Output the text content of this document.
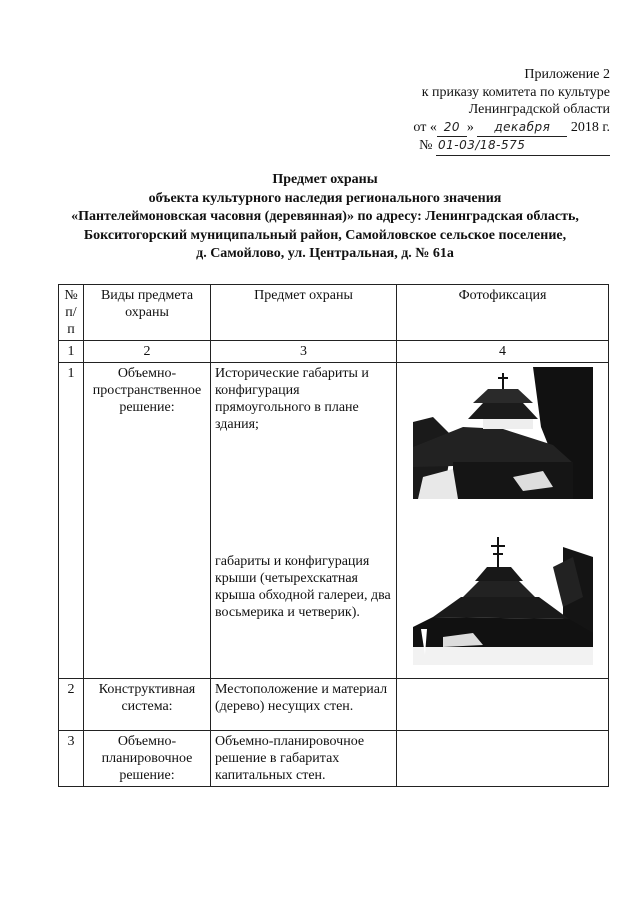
Приложение 2
к приказу комитета по культуре
Ленинградской области
от « 20 » декабря 2018 г.
№ 01-03/18-575
Предмет охраны
объекта культурного наследия регионального значения
«Пантелеймоновская часовня (деревянная)» по адресу: Ленинградская область,
Бокситогорский муниципальный район, Самойловское сельское поселение,
д. Самойлово, ул. Центральная, д. № 61а
№ п/п	Виды предмета охраны	Предмет охраны	Фотофиксация
1	2	3	4
1	Объемно-пространственное решение:	Исторические габариты и конфигурация прямоугольного в плане здания;
габариты и конфигурация крыши (четырехскатная крыша обходной галереи, два восьмерика и четверик).

2	Конструктивная система:	Местоположение и материал (дерево) несущих стен.	
3	Объемно-планировочное решение:	Объемно-планировочное решение в габаритах капитальных стен.	
